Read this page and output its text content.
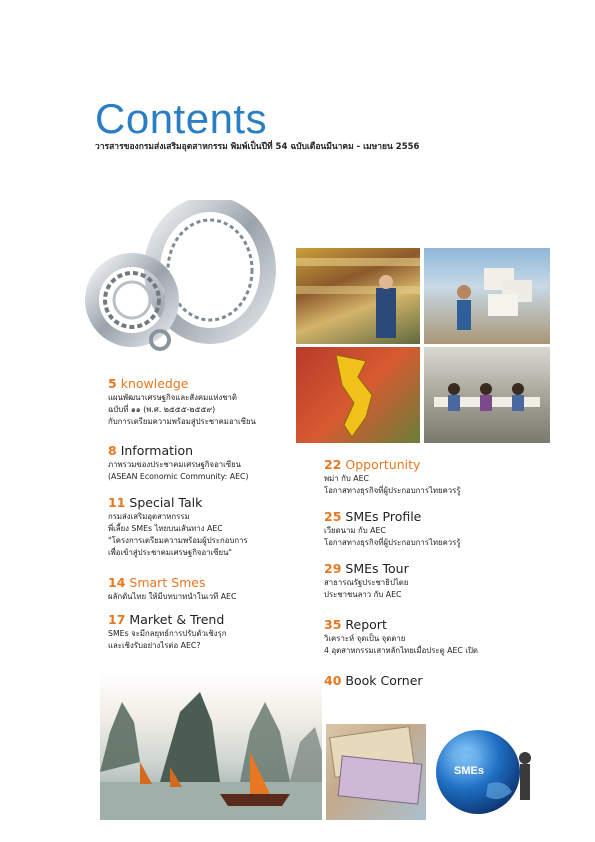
Contents
วารสารของกรมส่งเสริมอุตสาหกรรม พิมพ์เป็นปีที่ 54 ฉบับเดือนมีนาคม - เมษายน 2556
5 knowledge
แผนพัฒนาเศรษฐกิจและสังคมแห่งชาติ
ฉบับที่ ๑๑ (พ.ศ. ๒๕๕๕-๒๕๕๙)
กับการเตรียมความพร้อมสู่ประชาคมอาเซียน
8 Information
ภาพรวมของประชาคมเศรษฐกิจอาเซียน
(ASEAN Economic Community: AEC)
11 Special Talk
กรมส่งเสริมอุตสาหกรรม
พี่เลี้ยง SMEs ไทยบนเส้นทาง AEC
"โครงการเตรียมความพร้อมผู้ประกอบการ
เพื่อเข้าสู่ประชาคมเศรษฐกิจอาเซียน"
14 Smart Smes
ผลักดันไทย ให้มีบทบาทนำในเวที AEC
17 Market & Trend
SMEs จะมีกลยุทธ์การปรับตัวเชิงรุก
และเชิงรับอย่างไรต่อ AEC?
22 Opportunity
พม่า กับ AEC
โอกาสทางธุรกิจที่ผู้ประกอบการไทยควรรู้
25 SMEs Profile
เวียดนาม กับ AEC
โอกาสทางธุรกิจที่ผู้ประกอบการไทยควรรู้
29 SMEs Tour
สาธารณรัฐประชาธิปไตย
ประชาชนลาว กับ AEC
35 Report
วิเคราะห์ จุดเป็น จุดตาย
4 อุตสาหกรรมเสาหลักไทยเมื่อประตู AEC เปิด
40 Book Corner
SMEs
